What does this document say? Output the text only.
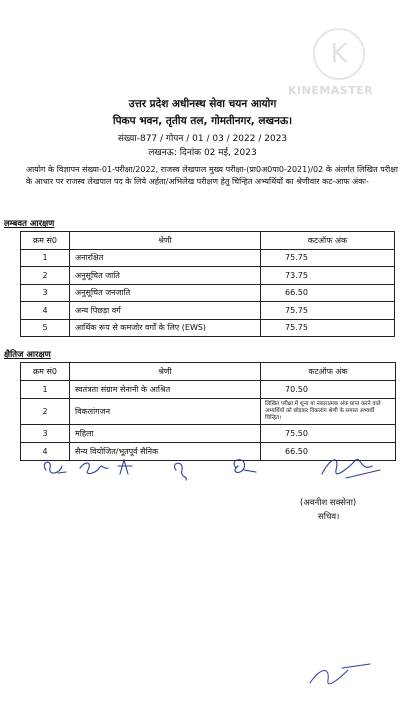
K
KINEMASTER
उत्तर प्रदेश अधीनस्थ सेवा चयन आयोग
पिकप भवन, तृतीय तल, गोमतीनगर, लखनऊ।
संख्या-877 / गोपन / 01 / 03 / 2022 / 2023
लखनऊ: दिनांक 02 मई, 2023
आयोग के विज्ञापन संख्या-01-परीक्षा/2022, राजस्व लेखपाल मुख्य परीक्षा-(प्रा0अ0पा0-2021)/02 के अंतर्गत लिखित परीक्षा के आधार पर राजस्व लेखपाल पद के लिये अर्हता/अभिलेख परीक्षण हेतु चिन्हित अभ्यर्थियों का श्रेणीवार कट-आफ अंकः-
लम्बवत आरक्षण
क्रम सं0	श्रेणी	कटऑफ अंक
1	अनारक्षित	75.75
2	अनुसूचित जाति	73.75
3	अनुसूचित जनजाति	66.50
4	अन्य पिछड़ा वर्ग	75.75
5	आर्थिक रूप से कमजोर वर्गों के लिए (EWS)	75.75
क्षैतिज आरक्षण
क्रम सं0	श्रेणी	कटऑफ अंक
1	स्वतंत्रता संग्राम सेनानी के आश्रित	70.50
2	विकलांगजन	लिखित परीक्षा में शून्य या नकारात्मक अंक प्राप्त करने वाले अभ्यर्थियों को छोड़कर विकलांग श्रेणी के समस्त अभ्यर्थी चिन्हित।
3	महिला	75.50
4	सैन्य वियोजित/भूतपूर्व सैनिक	66.50
(अवनीश सक्सेना)
सचिव।
